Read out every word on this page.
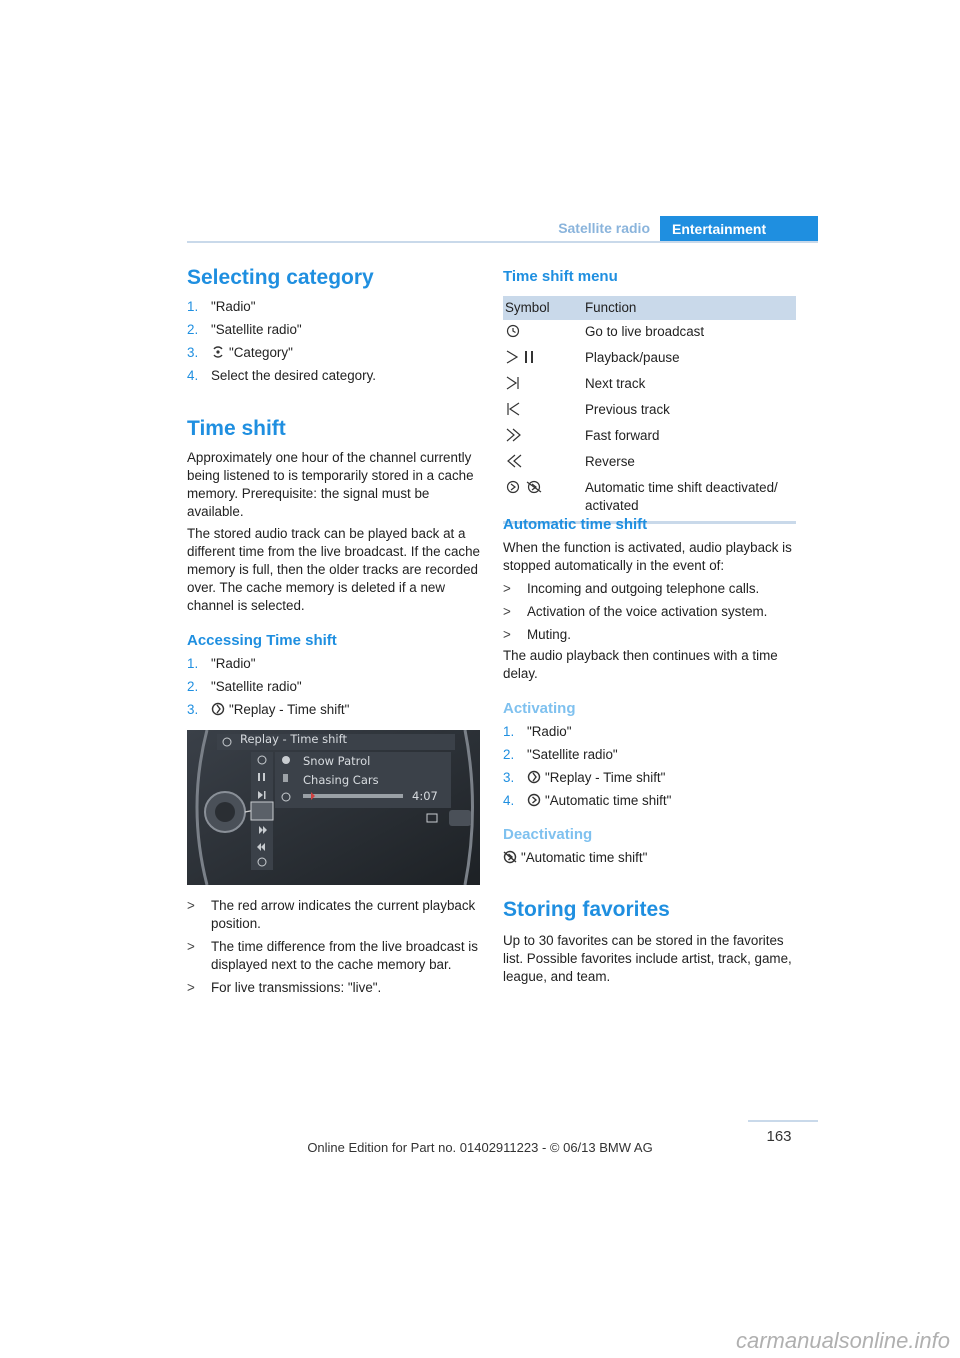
Satellite radio	Entertainment
Selecting category
1. "Radio"
2. "Satellite radio"
3. "Category"
4. Select the desired category.
Time shift
Approximately one hour of the channel currently being listened to is temporarily stored in a cache memory. Prerequisite: the signal must be available.
The stored audio track can be played back at a different time from the live broadcast. If the cache memory is full, then the older tracks are recorded over. The cache memory is deleted if a new channel is selected.
Accessing Time shift
1. "Radio"
2. "Satellite radio"
3. "Replay - Time shift"
Replay - Time shift
Snow Patrol
Chasing Cars
4:07
> The red arrow indicates the current playback position.
> The time difference from the live broadcast is displayed next to the cache memory bar.
> For live transmissions: "live".
Time shift menu
Symbol	Function
Go to live broadcast
Playback/pause
Next track
Previous track
Fast forward
Reverse
Automatic time shift deactivated/ activated
Automatic time shift
When the function is activated, audio playback is stopped automatically in the event of:
> Incoming and outgoing telephone calls.
> Activation of the voice activation system.
> Muting.
The audio playback then continues with a time delay.
Activating
1. "Radio"
2. "Satellite radio"
3. "Replay - Time shift"
4. "Automatic time shift"
Deactivating
"Automatic time shift"
Storing favorites
Up to 30 favorites can be stored in the favorites list. Possible favorites include artist, track, game, league, and team.
163
Online Edition for Part no. 01402911223 - © 06/13 BMW AG
carmanualsonline.info
